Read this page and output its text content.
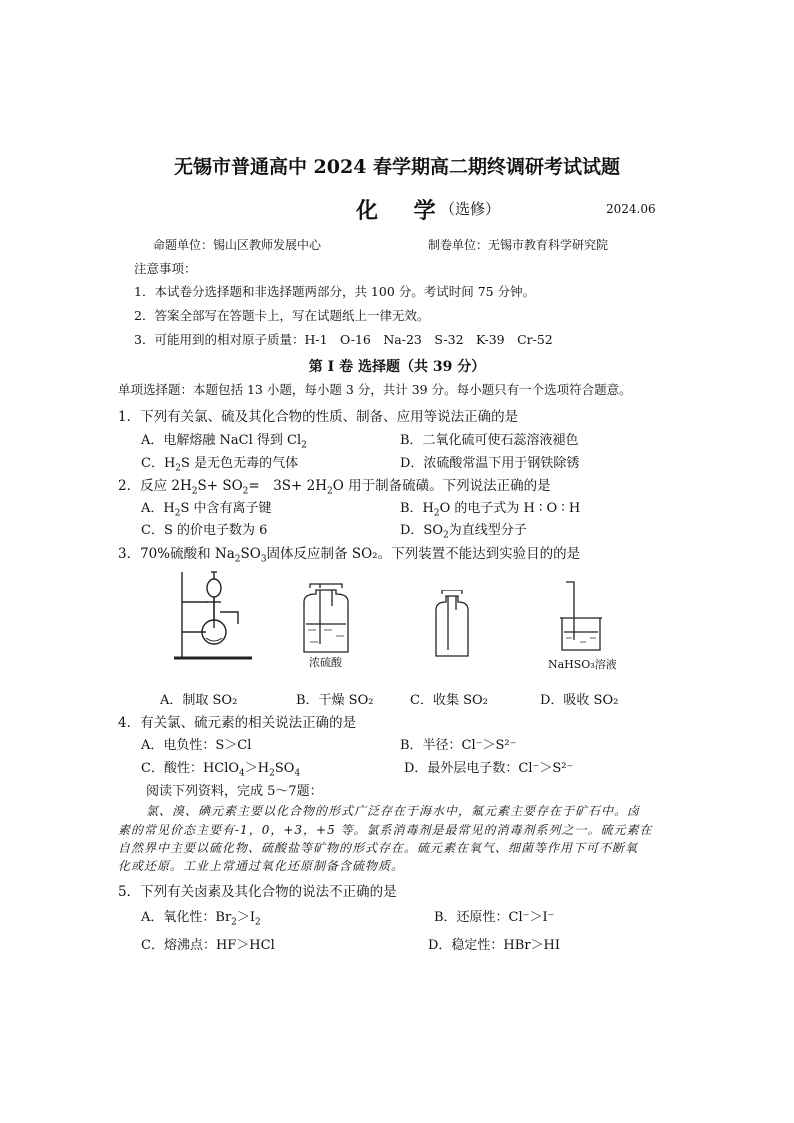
无锡市普通高中 2024 春学期高二期终调研考试试题
化 学
（选修）	2024.06
命题单位：锡山区教师发展中心	制卷单位：无锡市教育科学研究院
注意事项：
1．本试卷分选择题和非选择题两部分，共 100 分。考试时间 75 分钟。
2．答案全部写在答题卡上，写在试题纸上一律无效。
3．可能用到的相对原子质量：H-1　O-16　Na-23　S-32　K-39　Cr-52
第 I 卷 选择题（共 39 分）
单项选择题：本题包括 13 小题，每小题 3 分，共计 39 分。每小题只有一个选项符合题意。
1．下列有关氯、硫及其化合物的性质、制备、应用等说法正确的是
A．电解熔融 NaCl 得到 $Cl_2$	B．二氧化硫可使石蕊溶液褪色
C．$H_2S$ 是无色无毒的气体	D．浓硫酸常温下用于钢铁除锈
2．反应 $2H_2S+ SO_2=$　$3S+ 2H_2O$ 用于制备硫磺。下列说法正确的是
A．$H_2S$ 中含有离子键	B．$H_2O$ 的电子式为 H ∶ O ∶ H
C．S 的价电子数为 6	D．$SO_2$为直线型分子
3．70%硫酸和 $Na_2SO_3$固体反应制备 SO₂。下列装置不能达到实验目的的是
浓硫酸	NaHSO₃溶液
A．制取 SO₂	B．干燥 SO₂	C．收集 SO₂	D．吸收 SO₂
4．有关氯、硫元素的相关说法正确的是
A．电负性：S＞Cl	B．半径：Cl⁻＞S²⁻
C．酸性：$HClO_4>H_2SO_4$	D．最外层电子数：Cl⁻＞S²⁻
阅读下列资料，完成 5～7题：
氯、溴、碘元素主要以化合物的形式广泛存在于海水中，氟元素主要存在于矿石中。卤
素的常见价态主要有-1，0，+3，+5 等。氯系消毒剂是最常见的消毒剂系列之一。硫元素在
自然界中主要以硫化物、硫酸盐等矿物的形式存在。硫元素在氧气、细菌等作用下可不断氧
化或还原。工业上常通过氧化还原制备含硫物质。
5．下列有关卤素及其化合物的说法不正确的是
A．氧化性：$Br_2>I_2$	B．还原性：Cl⁻＞I⁻
C．熔沸点：HF＞HCl	D．稳定性：HBr＞HI
